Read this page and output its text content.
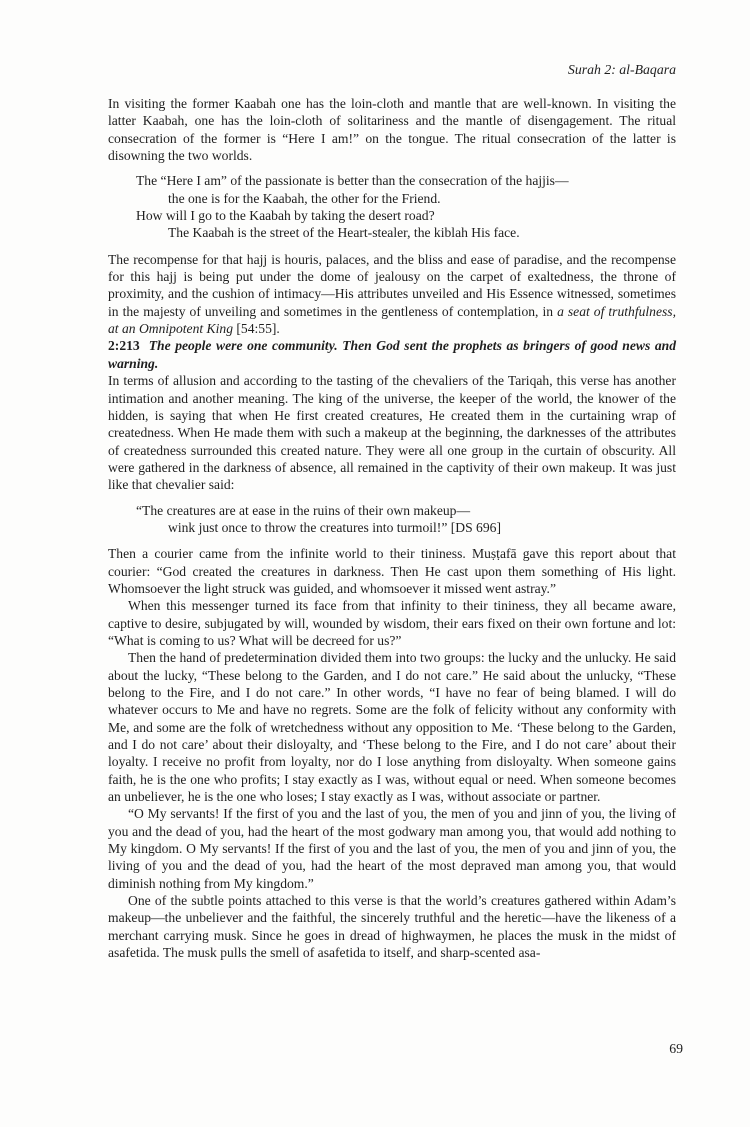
Surah 2: al-Baqara

In visiting the former Kaabah one has the loin-cloth and mantle that are well-known. In visiting the latter Kaabah, one has the loin-cloth of solitariness and the mantle of disengagement. The ritual consecration of the former is “Here I am!” on the tongue. The ritual consecration of the latter is disowning the two worlds.

The “Here I am” of the passionate is better than the consecration of the hajjis—
the one is for the Kaabah, the other for the Friend.
How will I go to the Kaabah by taking the desert road?
The Kaabah is the street of the Heart-stealer, the kiblah His face.

The recompense for that hajj is houris, palaces, and the bliss and ease of paradise, and the recompense for this hajj is being put under the dome of jealousy on the carpet of exaltedness, the throne of proximity, and the cushion of intimacy—His attributes unveiled and His Essence witnessed, sometimes in the majesty of unveiling and sometimes in the gentleness of contemplation, in a seat of truthfulness, at an Omnipotent King [54:55].

2:213 The people were one community. Then God sent the prophets as bringers of good news and warning.

In terms of allusion and according to the tasting of the chevaliers of the Tariqah, this verse has another intimation and another meaning. The king of the universe, the keeper of the world, the knower of the hidden, is saying that when He first created creatures, He created them in the curtaining wrap of createdness. When He made them with such a makeup at the beginning, the darknesses of the attributes of createdness surrounded this created nature. They were all one group in the curtain of obscurity. All were gathered in the darkness of absence, all remained in the captivity of their own makeup. It was just like that chevalier said:

“The creatures are at ease in the ruins of their own makeup—
wink just once to throw the creatures into turmoil!” [DS 696]

Then a courier came from the infinite world to their tininess. Muṣṭafā gave this report about that courier: “God created the creatures in darkness. Then He cast upon them something of His light. Whomsoever the light struck was guided, and whomsoever it missed went astray.”

When this messenger turned its face from that infinity to their tininess, they all became aware, captive to desire, subjugated by will, wounded by wisdom, their ears fixed on their own fortune and lot: “What is coming to us? What will be decreed for us?”

Then the hand of predetermination divided them into two groups: the lucky and the unlucky. He said about the lucky, “These belong to the Garden, and I do not care.” He said about the unlucky, “These belong to the Fire, and I do not care.” In other words, “I have no fear of being blamed. I will do whatever occurs to Me and have no regrets. Some are the folk of felicity without any conformity with Me, and some are the folk of wretchedness without any opposition to Me. ‘These belong to the Garden, and I do not care’ about their disloyalty, and ‘These belong to the Fire, and I do not care’ about their loyalty. I receive no profit from loyalty, nor do I lose anything from disloyalty. When someone gains faith, he is the one who profits; I stay exactly as I was, without equal or need. When someone becomes an unbeliever, he is the one who loses; I stay exactly as I was, without associate or partner.

“O My servants! If the first of you and the last of you, the men of you and jinn of you, the living of you and the dead of you, had the heart of the most godwary man among you, that would add nothing to My kingdom. O My servants! If the first of you and the last of you, the men of you and jinn of you, the living of you and the dead of you, had the heart of the most depraved man among you, that would diminish nothing from My kingdom.”

One of the subtle points attached to this verse is that the world’s creatures gathered within Adam’s makeup—the unbeliever and the faithful, the sincerely truthful and the heretic—have the likeness of a merchant carrying musk. Since he goes in dread of highwaymen, he places the musk in the midst of asafetida. The musk pulls the smell of asafetida to itself, and sharp-scented asa-

69
